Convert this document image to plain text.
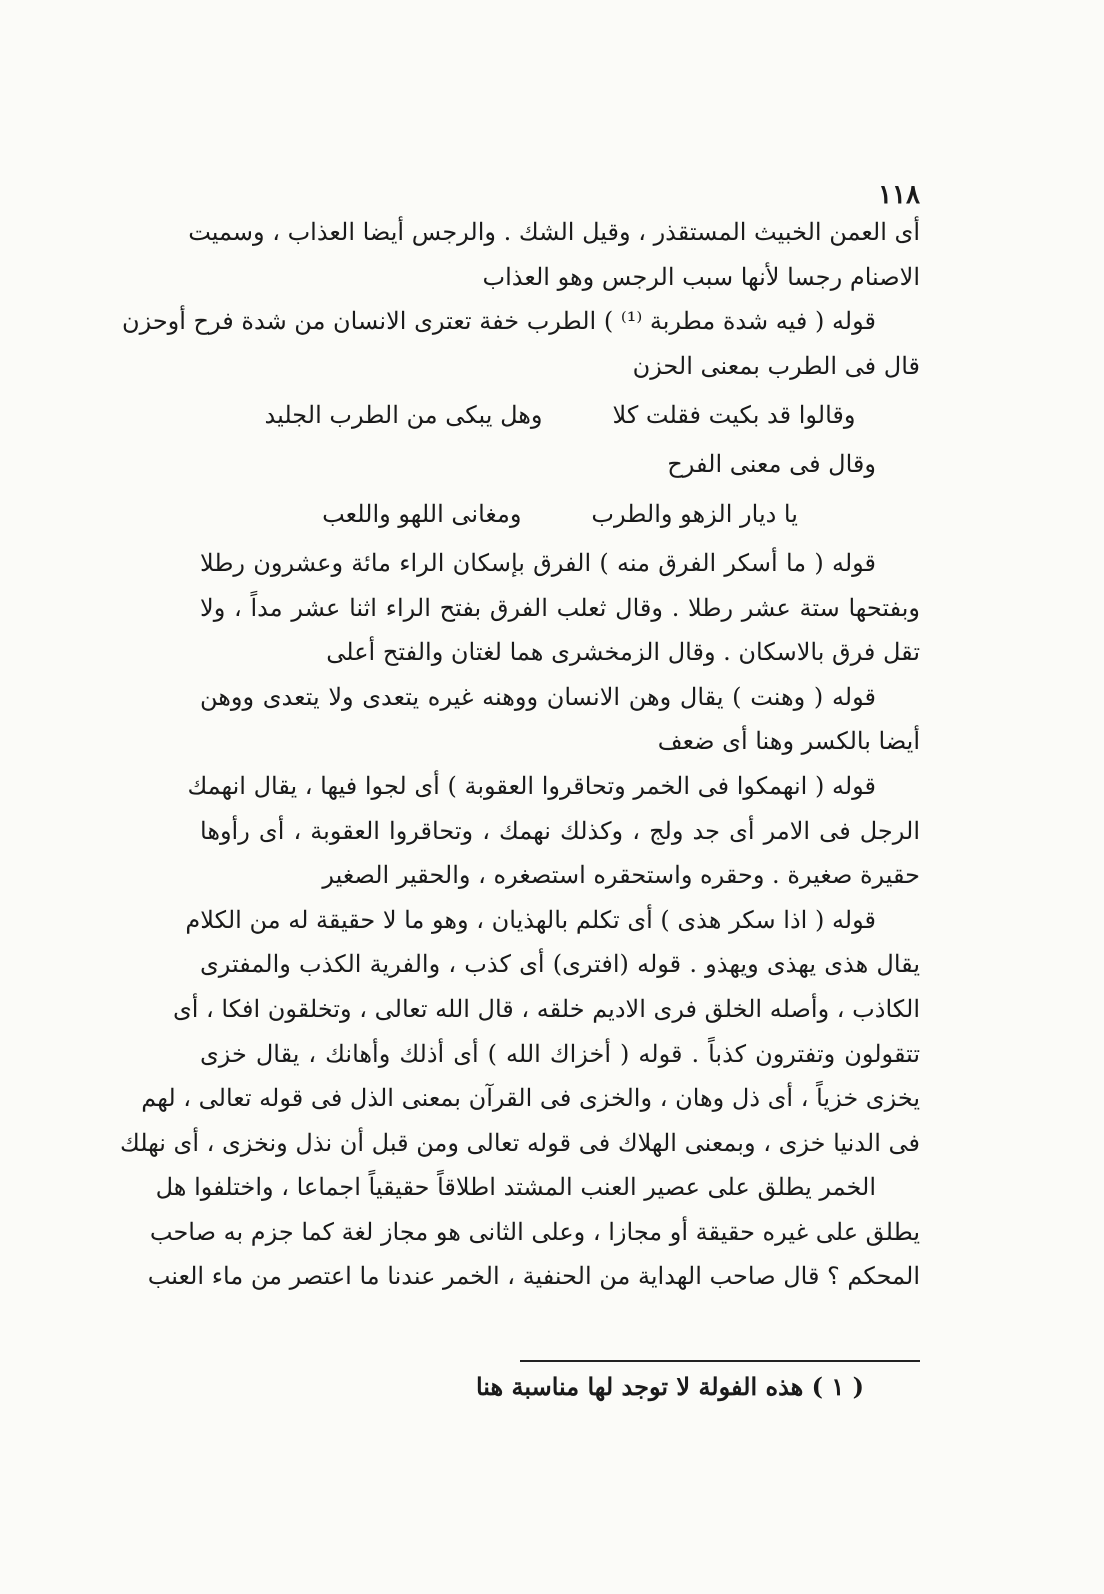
١١٨
أى العمن الخبيث المستقذر ، وقيل الشك . والرجس أيضا العذاب ، وسميت
الاصنام رجسا لأنها سبب الرجس وهو العذاب
قوله ( فيه شدة مطربة ⁽¹⁾ ) الطرب خفة تعترى الانسان من شدة فرح أوحزن
قال فى الطرب بمعنى الحزن
وقالوا قد بكيت فقلت كلا
وهل يبكى من الطرب الجليد
وقال فى معنى الفرح
يا ديار الزهو والطرب
ومغانى اللهو واللعب
قوله ( ما أسكر الفرق منه ) الفرق بإسكان الراء مائة وعشرون رطلا
وبفتحها ستة عشر رطلا . وقال ثعلب الفرق بفتح الراء اثنا عشر مداً ، ولا
تقل فرق بالاسكان . وقال الزمخشرى هما لغتان والفتح أعلى
قوله ( وهنت ) يقال وهن الانسان ووهنه غيره يتعدى ولا يتعدى ووهن
أيضا بالكسر وهنا أى ضعف
قوله ( انهمكوا فى الخمر وتحاقروا العقوبة ) أى لجوا فيها ، يقال انهمك
الرجل فى الامر أى جد ولج ، وكذلك نهمك ، وتحاقروا العقوبة ، أى رأوها
حقيرة صغيرة . وحقره واستحقره استصغره ، والحقير الصغير
قوله ( اذا سكر هذى ) أى تكلم بالهذيان ، وهو ما لا حقيقة له من الكلام
يقال هذى يهذى ويهذو . قوله (افترى) أى كذب ، والفرية الكذب والمفترى
الكاذب ، وأصله الخلق فرى الاديم خلقه ، قال الله تعالى ، وتخلقون افكا ، أى
تتقولون وتفترون كذباً . قوله ( أخزاك الله ) أى أذلك وأهانك ، يقال خزى
يخزى خزياً ، أى ذل وهان ، والخزى فى القرآن بمعنى الذل فى قوله تعالى ، لهم
فى الدنيا خزى ، وبمعنى الهلاك فى قوله تعالى ومن قبل أن نذل ونخزى ، أى نهلك
الخمر يطلق على عصير العنب المشتد اطلاقاً حقيقياً اجماعا ، واختلفوا هل
يطلق على غيره حقيقة أو مجازا ، وعلى الثانى هو مجاز لغة كما جزم به صاحب
المحكم ؟ قال صاحب الهداية من الحنفية ، الخمر عندنا ما اعتصر من ماء العنب
( ١ ) هذه الفولة لا توجد لها مناسبة هنا
